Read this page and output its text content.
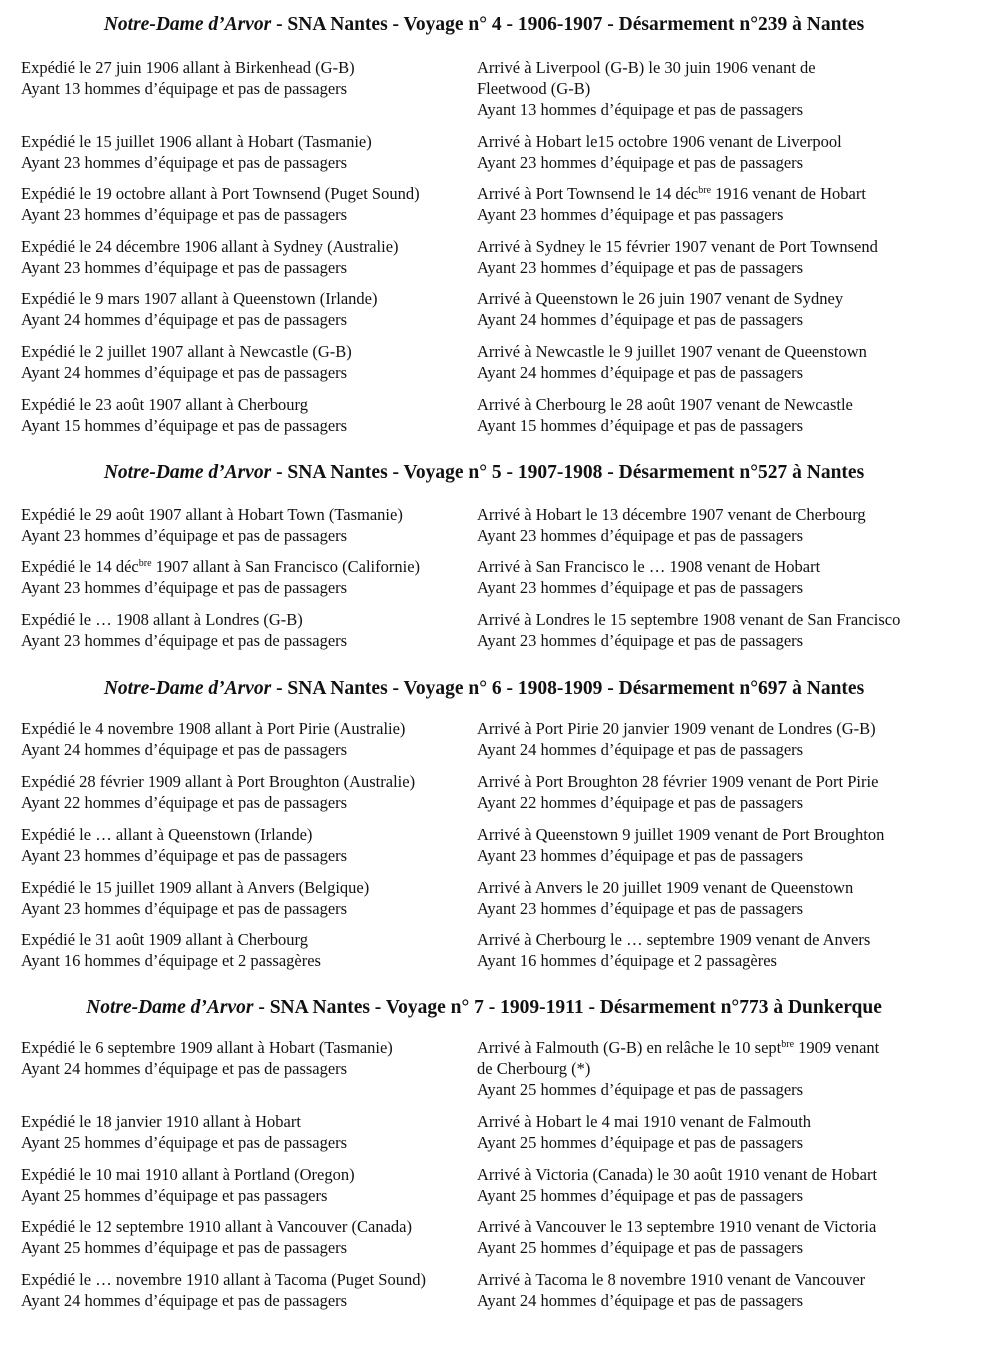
Notre-Dame d’Arvor - SNA Nantes - Voyage n° 4 - 1906-1907 - Désarmement n°239 à Nantes
Expédié le 27 juin 1906 allant à Birkenhead (G-B)
Ayant 13 hommes d’équipage et pas de passagers
Arrivé à Liverpool (G-B) le 30 juin 1906 venant de
Fleetwood (G-B)
Ayant 13 hommes d’équipage et pas de passagers
Expédié le 15 juillet 1906 allant à Hobart (Tasmanie)
Ayant 23 hommes d’équipage et pas de passagers
Arrivé à Hobart le15 octobre 1906 venant de Liverpool
Ayant 23 hommes d’équipage et pas de passagers
Expédié le 19 octobre allant à Port Townsend (Puget Sound)
Ayant 23 hommes d’équipage et pas de passagers
Arrivé à Port Townsend le 14 déc$^{bre}$ 1916 venant de Hobart
Ayant 23 hommes d’équipage et pas passagers
Expédié le 24 décembre 1906 allant à Sydney (Australie)
Ayant 23 hommes d’équipage et pas de passagers
Arrivé à Sydney le 15 février 1907 venant de Port Townsend
Ayant 23 hommes d’équipage et pas de passagers
Expédié le 9 mars 1907 allant à Queenstown (Irlande)
Ayant 24 hommes d’équipage et pas de passagers
Arrivé à Queenstown le 26 juin 1907 venant de Sydney
Ayant 24 hommes d’équipage et pas de passagers
Expédié le 2 juillet 1907 allant à Newcastle (G-B)
Ayant 24 hommes d’équipage et pas de passagers
Arrivé à Newcastle le 9 juillet 1907 venant de Queenstown
Ayant 24 hommes d’équipage et pas de passagers
Expédié le 23 août 1907 allant à Cherbourg
Ayant 15 hommes d’équipage et pas de passagers
Arrivé à Cherbourg le 28 août 1907 venant de Newcastle
Ayant 15 hommes d’équipage et pas de passagers
Notre-Dame d’Arvor - SNA Nantes - Voyage n° 5 - 1907-1908 - Désarmement n°527 à Nantes
Expédié le 29 août 1907 allant à Hobart Town (Tasmanie)
Ayant 23 hommes d’équipage et pas de passagers
Arrivé à Hobart le 13 décembre 1907 venant de Cherbourg
Ayant 23 hommes d’équipage et pas de passagers
Expédié le 14 déc$^{bre}$ 1907 allant à San Francisco (Californie)
Ayant 23 hommes d’équipage et pas de passagers
Arrivé à San Francisco le … 1908 venant de Hobart
Ayant 23 hommes d’équipage et pas de passagers
Expédié le … 1908 allant à Londres (G-B)
Ayant 23 hommes d’équipage et pas de passagers
Arrivé à Londres le 15 septembre 1908 venant de San Francisco
Ayant 23 hommes d’équipage et pas de passagers
Notre-Dame d’Arvor - SNA Nantes - Voyage n° 6 - 1908-1909 - Désarmement n°697 à Nantes
Expédié le 4 novembre 1908 allant à Port Pirie (Australie)
Ayant 24 hommes d’équipage et pas de passagers
Arrivé à Port Pirie 20 janvier 1909 venant de Londres (G-B)
Ayant 24 hommes d’équipage et pas de passagers
Expédié 28 février 1909 allant à Port Broughton (Australie)
Ayant 22 hommes d’équipage et pas de passagers
Arrivé à Port Broughton 28 février 1909 venant de Port Pirie
Ayant 22 hommes d’équipage et pas de passagers
Expédié le … allant à Queenstown (Irlande)
Ayant 23 hommes d’équipage et pas de passagers
Arrivé à Queenstown 9 juillet 1909 venant de Port Broughton
Ayant 23 hommes d’équipage et pas de passagers
Expédié le 15 juillet 1909 allant à Anvers (Belgique)
Ayant 23 hommes d’équipage et pas de passagers
Arrivé à Anvers le 20 juillet 1909 venant de Queenstown
Ayant 23 hommes d’équipage et pas de passagers
Expédié le 31 août 1909 allant à Cherbourg
Ayant 16 hommes d’équipage et 2 passagères
Arrivé à Cherbourg le … septembre 1909 venant de Anvers
Ayant 16 hommes d’équipage et 2 passagères
Notre-Dame d’Arvor - SNA Nantes - Voyage n° 7 - 1909-1911 - Désarmement n°773 à Dunkerque
Expédié le 6 septembre 1909 allant à Hobart (Tasmanie)
Ayant 24 hommes d’équipage et pas de passagers
Arrivé à Falmouth (G-B) en relâche le 10 sept$^{bre}$ 1909 venant
de Cherbourg (*)
Ayant 25 hommes d’équipage et pas de passagers
Expédié le 18 janvier 1910 allant à Hobart
Ayant 25 hommes d’équipage et pas de passagers
Arrivé à Hobart le 4 mai 1910 venant de Falmouth
Ayant 25 hommes d’équipage et pas de passagers
Expédié le 10 mai 1910 allant à Portland (Oregon)
Ayant 25 hommes d’équipage et pas passagers
Arrivé à Victoria (Canada) le 30 août 1910 venant de Hobart
Ayant 25 hommes d’équipage et pas de passagers
Expédié le 12 septembre 1910 allant à Vancouver (Canada)
Ayant 25 hommes d’équipage et pas de passagers
Arrivé à Vancouver le 13 septembre 1910 venant de Victoria
Ayant 25 hommes d’équipage et pas de passagers
Expédié le … novembre 1910 allant à Tacoma (Puget Sound)
Ayant 24 hommes d’équipage et pas de passagers
Arrivé à Tacoma le 8 novembre 1910 venant de Vancouver
Ayant 24 hommes d’équipage et pas de passagers
